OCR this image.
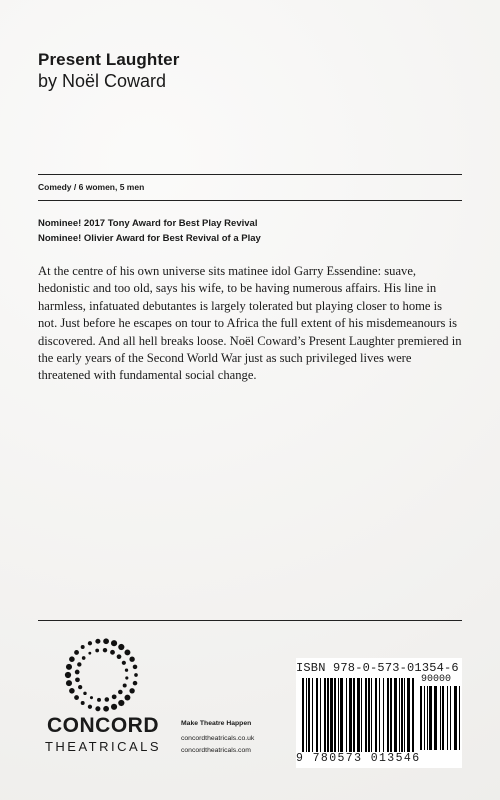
Present Laughter
by Noël Coward
Comedy / 6 women, 5 men
Nominee! 2017 Tony Award for Best Play Revival
Nominee! Olivier Award for Best Revival of a Play
At the centre of his own universe sits matinee idol Garry Essendine: suave, hedonistic and too old, says his wife, to be having numerous affairs. His line in harmless, infatuated debutantes is largely tolerated but playing closer to home is not. Just before he escapes on tour to Africa the full extent of his misdemeanours is discovered. And all hell breaks loose. Noël Coward’s Present Laughter premiered in the early years of the Second World War just as such privileged lives were threatened with fundamental social change.
CONCORD
THEATRICALS
Make Theatre Happen
concordtheatricals.co.uk
concordtheatricals.com
ISBN 978-0-573-01354-6
90000
9 780573 013546
